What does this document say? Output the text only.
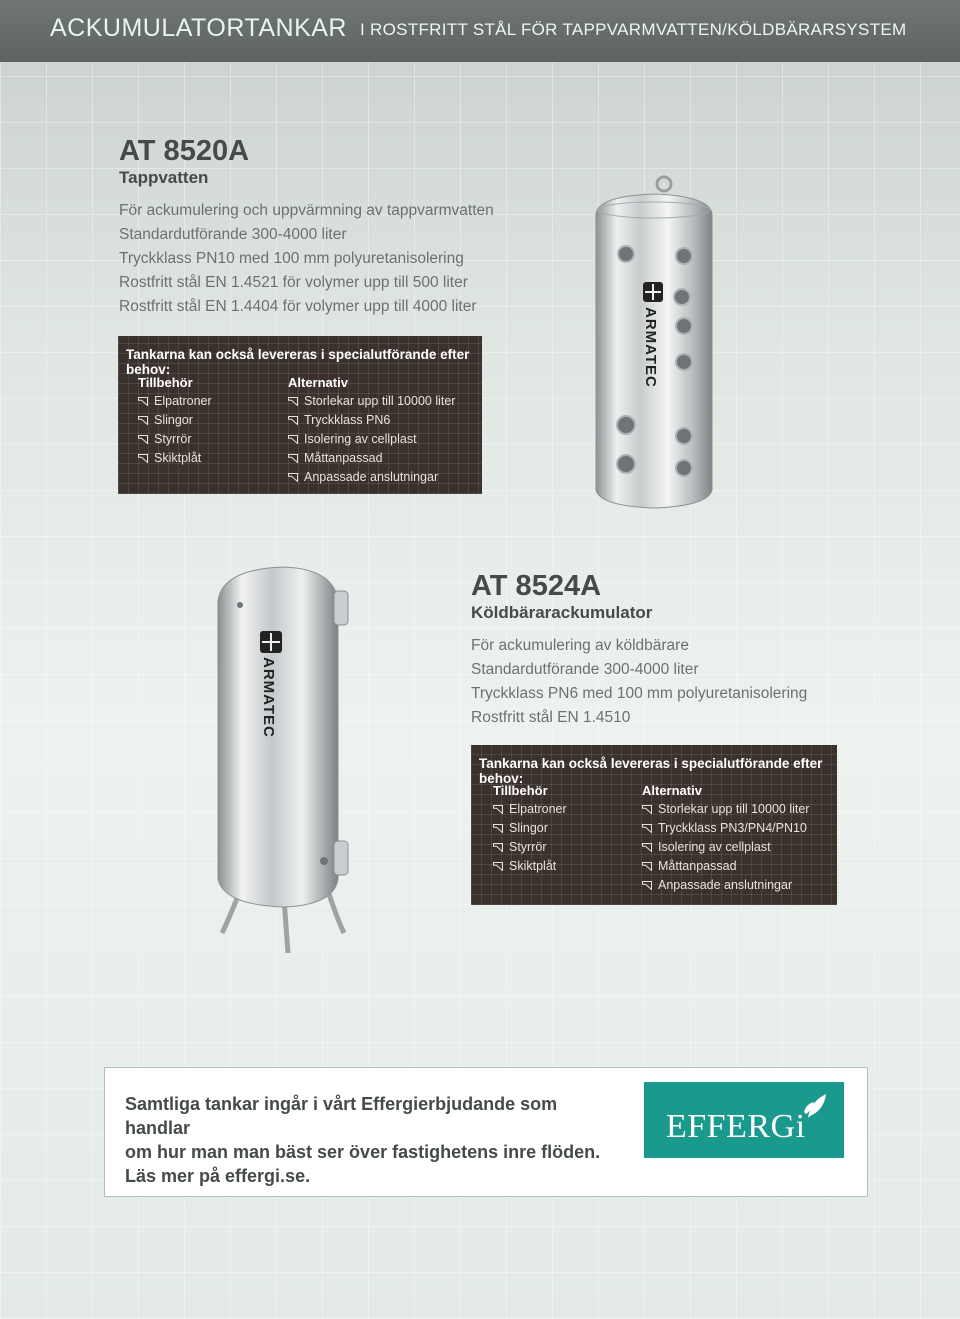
ACKUMULATORTANKAR I ROSTFRITT STÅL FÖR TAPPVARMVATTEN/KÖLDBÄRARSYSTEM
AT 8520A
Tappvatten
För ackumulering och uppvärmning av tappvarmvatten
Standardutförande 300-4000 liter
Tryckklass PN10 med 100 mm polyuretanisolering
Rostfritt stål EN 1.4521 för volymer upp till 500 liter
Rostfritt stål EN 1.4404 för volymer upp till 4000 liter
Tankarna kan också levereras i specialutförande efter behov:
Tillbehör
Elpatroner
Slingor
Styrrör
Skiktplåt
Alternativ
Storlekar upp till 10000 liter
Tryckklass PN6
Isolering av cellplast
Måttanpassad
Anpassade anslutningar
ARMATEC
ARMATEC
AT 8524A
Köldbärarackumulator
För ackumulering av köldbärare
Standardutförande 300-4000 liter
Tryckklass PN6 med 100 mm polyuretanisolering
Rostfritt stål EN 1.4510
Tankarna kan också levereras i specialutförande efter behov:
Tillbehör
Elpatroner
Slingor
Styrrör
Skiktplåt
Alternativ
Storlekar upp till 10000 liter
Tryckklass PN3/PN4/PN10
Isolering av cellplast
Måttanpassad
Anpassade anslutningar
Samtliga tankar ingår i vårt Effergierbjudande som handlar
om hur man man bäst ser över fastighetens inre flöden.
Läs mer på effergi.se.
EFFERGi
